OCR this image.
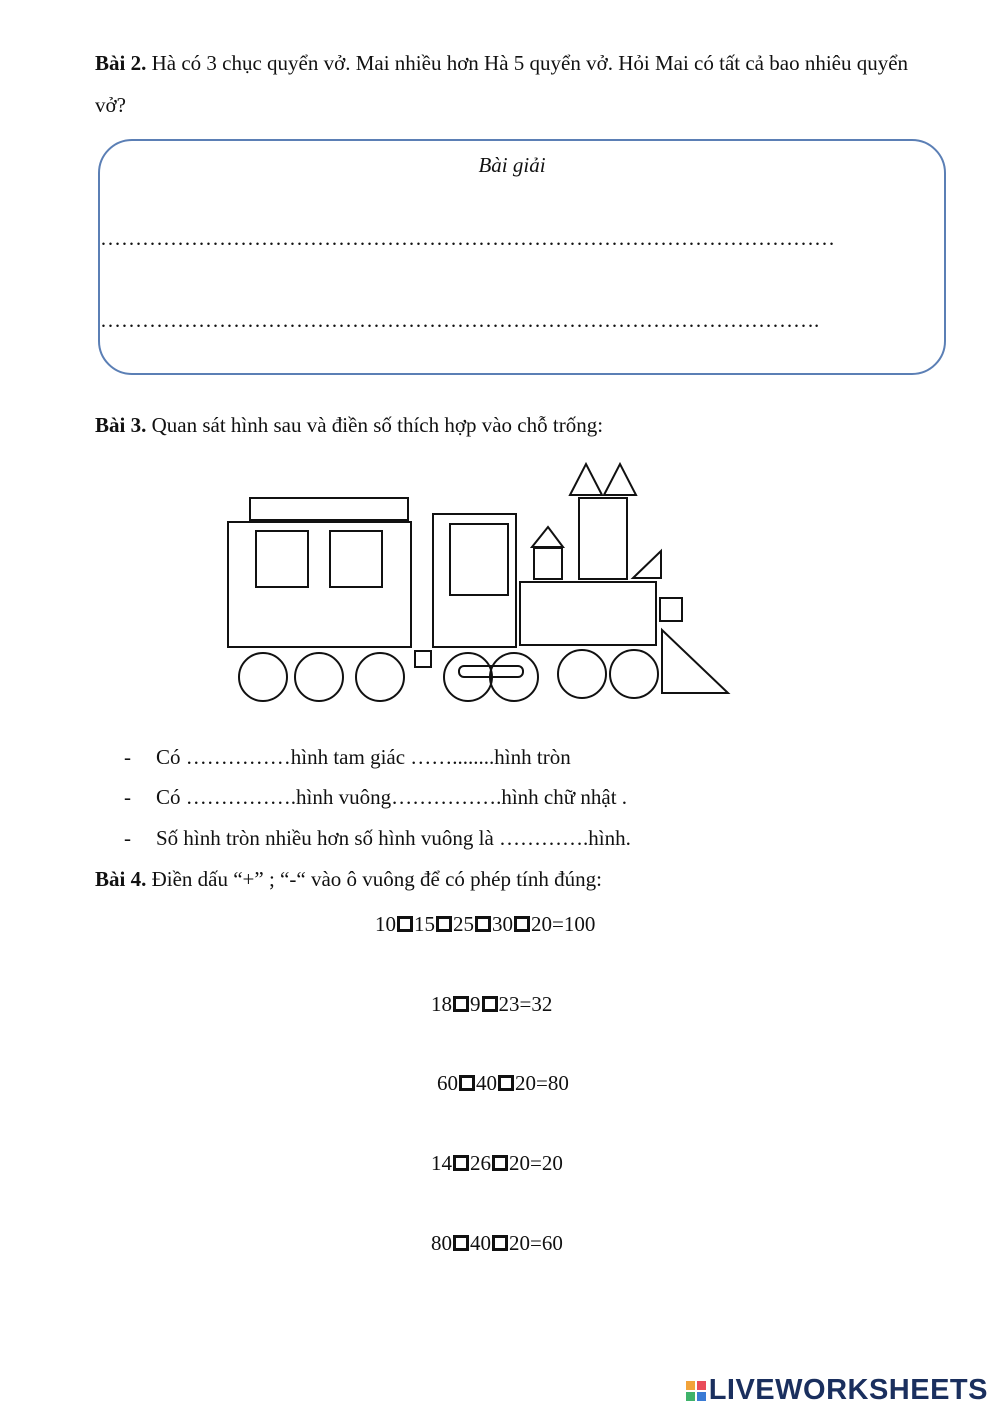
Bài 2. Hà có 3 chục quyển vở. Mai nhiều hơn Hà 5 quyển vở. Hỏi Mai có tất cả bao nhiêu quyển vở?
Bài giải
……………………………………………………………………………………………
………………………………………………………………………………………….
Bài 3. Quan sát hình sau và điền số thích hợp vào chỗ trống:
- Có ……………hình tam giác ……........hình tròn
- Có …………….hình vuông…………….hình chữ nhật .
- Số hình tròn nhiều hơn số hình vuông là ………….hình.
Bài 4. Điền dấu “+” ; “-“ vào ô vuông để có phép tính đúng:
10 15 25 30 20=100
18 9 23=32
60 40 20=80
14 26 20=20
80 40 20=60
LIVEWORKSHEETS
